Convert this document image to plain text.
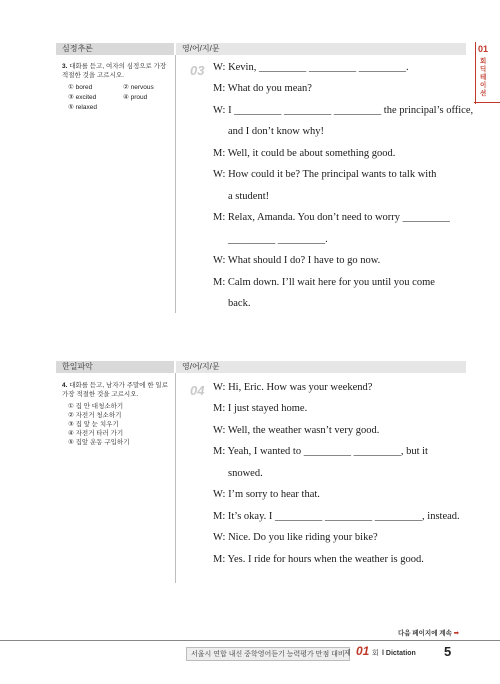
01
회 딕 테 이 션
심정추론	영/어/지/문
3. 대화를 듣고, 여자의 심정으로 가장 적절한 것을 고르시오.
① bored	② nervous
③ excited	④ proud
⑤ relaxed
03 W: Kevin, _________ _________ _________.
M: What do you mean?
W: I _________ _________ _________ the principal’s office,
and I don’t know why!
M: Well, it could be about something good.
W: How could it be? The principal wants to talk with
a student!
M: Relax, Amanda. You don’t need to worry _________
_________ _________.
W: What should I do? I have to go now.
M: Calm down. I’ll wait here for you until you come
back.
한일파악	영/어/지/문
4. 대화를 듣고, 남자가 주말에 한 일로 가장 적절한 것을 고르시오.
① 집 안 대청소하기
② 자전거 청소하기
③ 집 앞 눈 치우기
④ 자전거 타러 가기
⑤ 집앞 운동 구입하기
04 W: Hi, Eric. How was your weekend?
M: I just stayed home.
W: Well, the weather wasn’t very good.
M: Yeah, I wanted to _________ _________, but it
snowed.
W: I’m sorry to hear that.
M: It’s okay. I _________ _________ _________, instead.
W: Nice. Do you like riding your bike?
M: Yes. I ride for hours when the weather is good.
다음 페이지에 계속 ➡
서울시 연합 내신 중학영어듣기 능력평가 만점 대비 제 01 회 l Dictation 5
